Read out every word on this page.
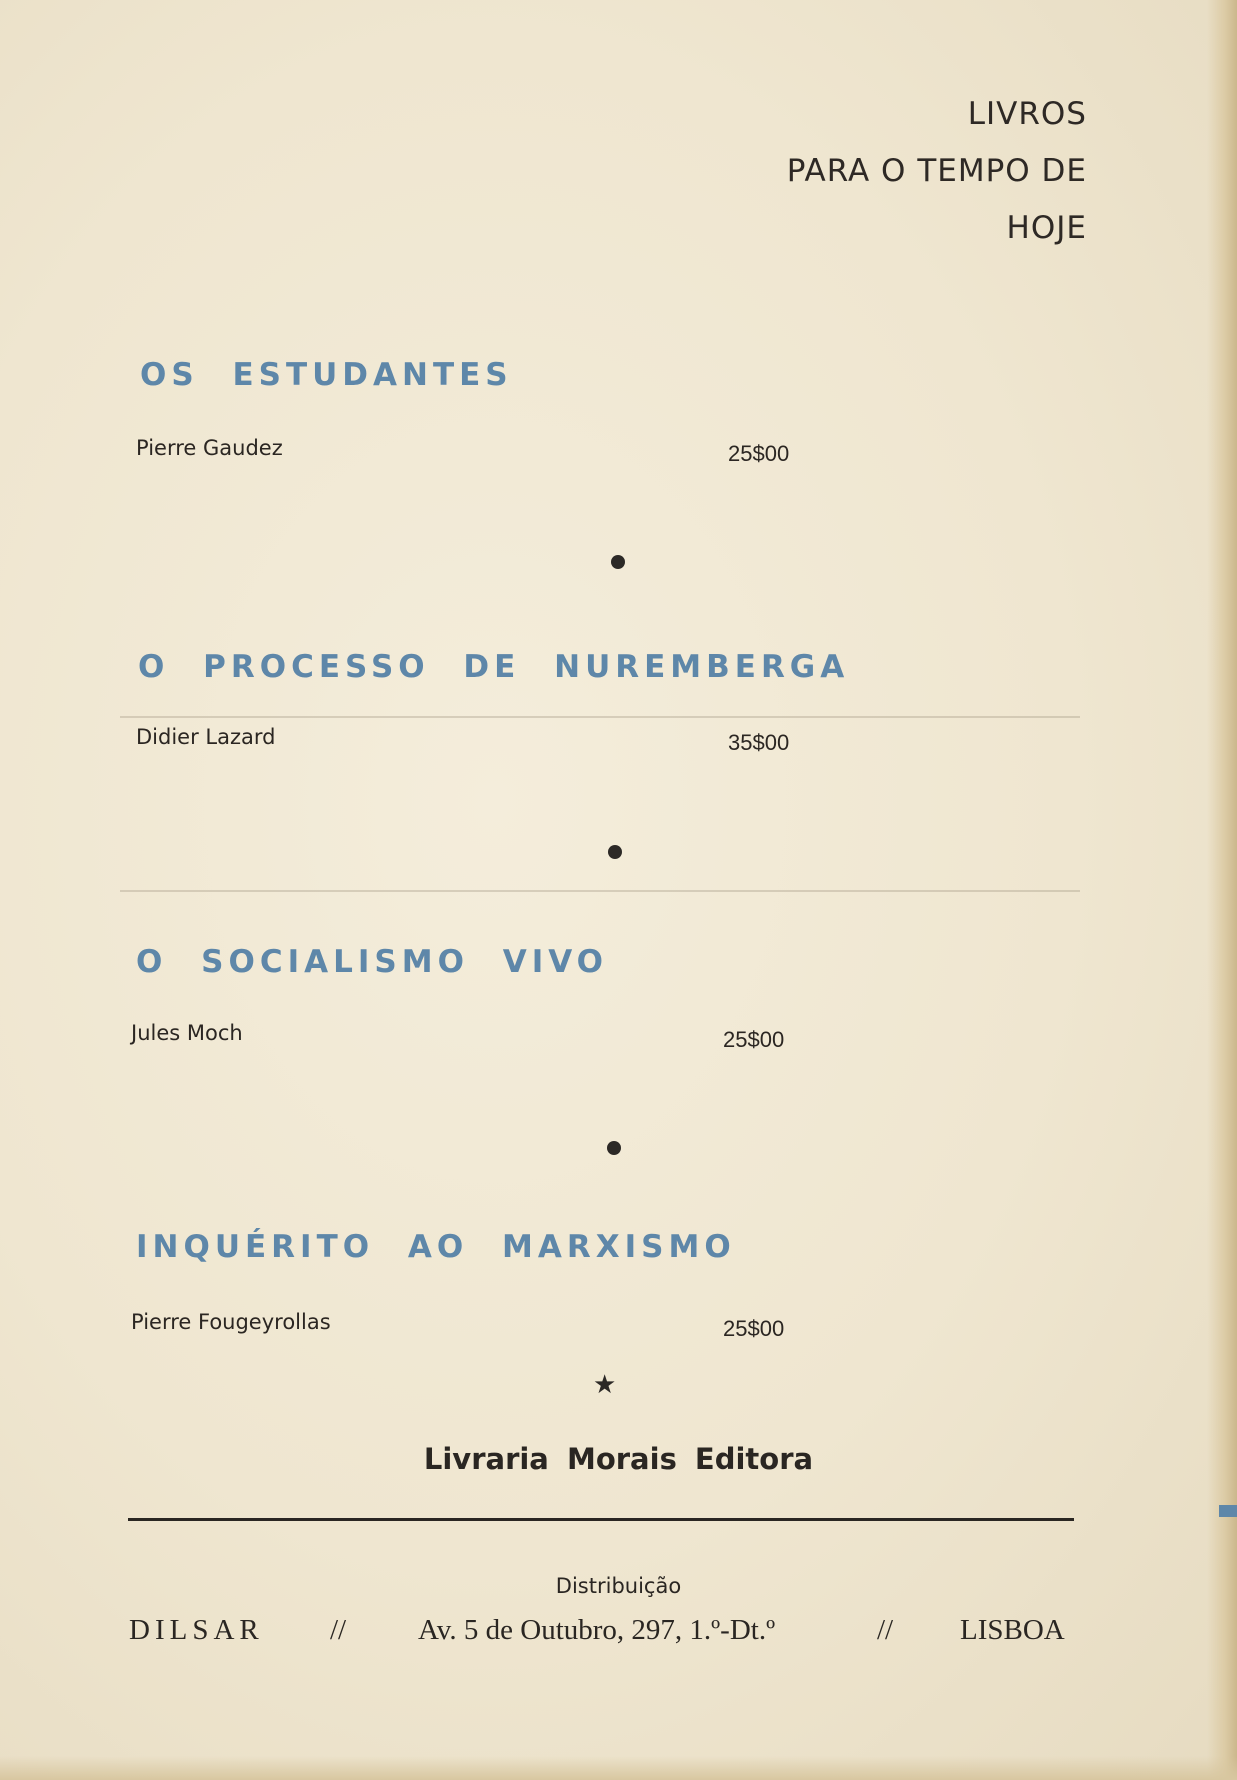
LIVROS
PARA O TEMPO DE
HOJE
OS ESTUDANTES
Pierre Gaudez	25$00
O PROCESSO DE NUREMBERGA
Didier Lazard	35$00
O SOCIALISMO VIVO
Jules Moch	25$00
INQUÉRITO AO MARXISMO
Pierre Fougeyrollas	25$00
★
Livraria Morais Editora
Distribuição
DILSAR // Av. 5 de Outubro, 297, 1.º-Dt.º	// LISBOA
